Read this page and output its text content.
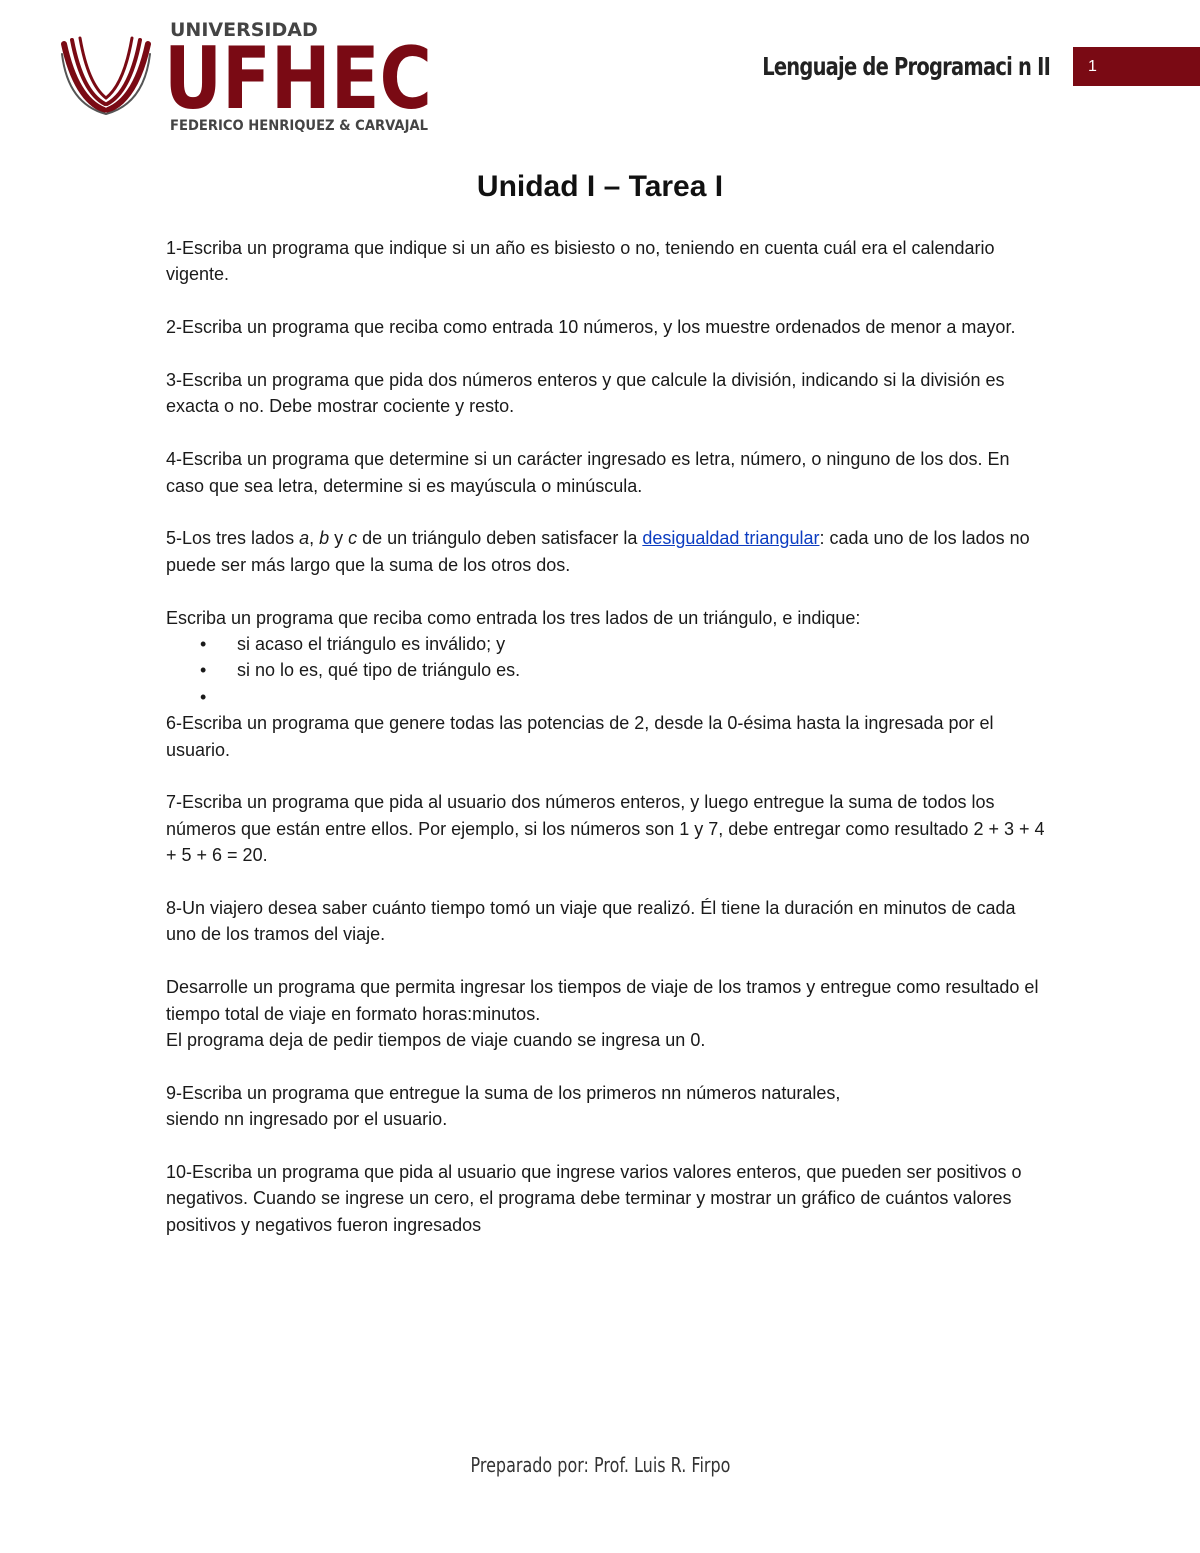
UNIVERSIDAD
UFHEC
FEDERICO HENRIQUEZ & CARVAJAL
Lenguaje de Programaci n II	1
Unidad I – Tarea I

1-Escriba un programa que indique si un año es bisiesto o no, teniendo en cuenta cuál era el calendario vigente.

2-Escriba un programa que reciba como entrada 10 números, y los muestre ordenados de menor a mayor.

3-Escriba un programa que pida dos números enteros y que calcule la división, indicando si la división es exacta o no. Debe mostrar cociente y resto.

4-Escriba un programa que determine si un carácter ingresado es letra, número, o ninguno de los dos. En caso que sea letra, determine si es mayúscula o minúscula.

5-Los tres lados a, b y c de un triángulo deben satisfacer la desigualdad triangular: cada uno de los lados no puede ser más largo que la suma de los otros dos.

Escriba un programa que reciba como entrada los tres lados de un triángulo, e indique:

• si acaso el triángulo es inválido; y
• si no lo es, qué tipo de triángulo es.
•

6-Escriba un programa que genere todas las potencias de 2, desde la 0-ésima hasta la ingresada por el usuario.

7-Escriba un programa que pida al usuario dos números enteros, y luego entregue la suma de todos los números que están entre ellos. Por ejemplo, si los números son 1 y 7, debe entregar como resultado 2 + 3 + 4 + 5 + 6 = 20.

8-Un viajero desea saber cuánto tiempo tomó un viaje que realizó. Él tiene la duración en minutos de cada uno de los tramos del viaje.

Desarrolle un programa que permita ingresar los tiempos de viaje de los tramos y entregue como resultado el tiempo total de viaje en formato horas:minutos.

El programa deja de pedir tiempos de viaje cuando se ingresa un 0.

9-Escriba un programa que entregue la suma de los primeros nn números naturales,
siendo nn ingresado por el usuario.

10-Escriba un programa que pida al usuario que ingrese varios valores enteros, que pueden ser positivos o negativos. Cuando se ingrese un cero, el programa debe terminar y mostrar un gráfico de cuántos valores positivos y negativos fueron ingresados

Preparado por: Prof. Luis R. Firpo
